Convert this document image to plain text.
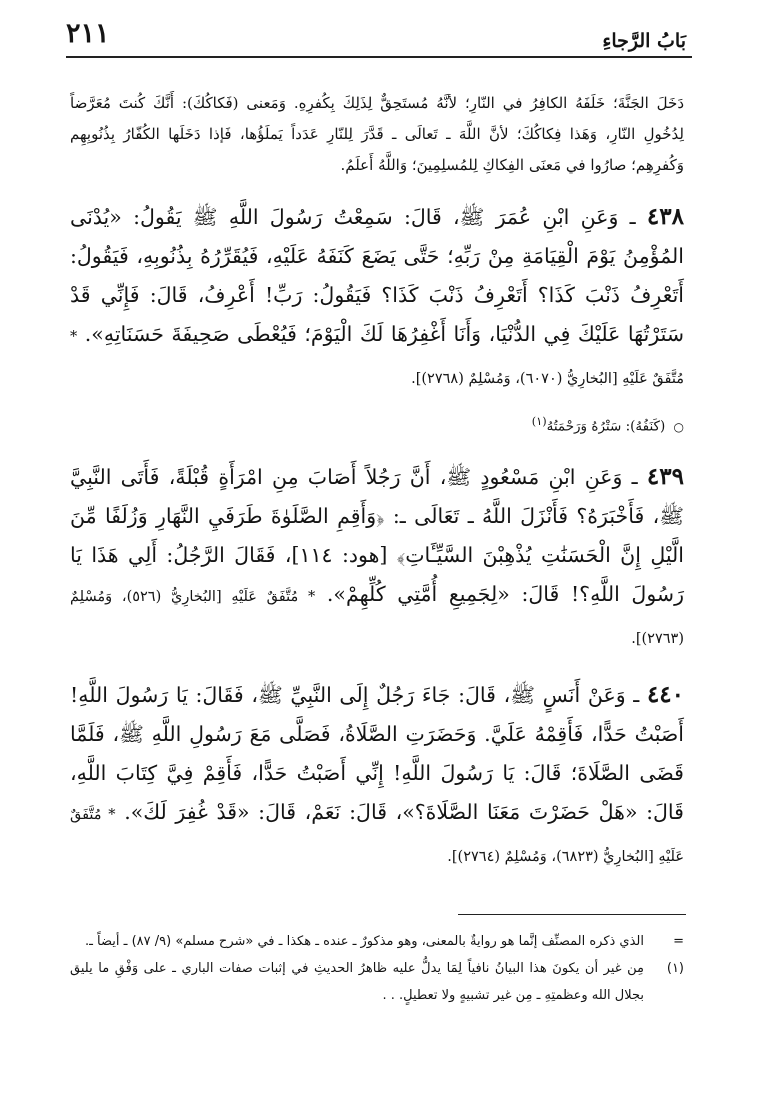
بَابُ الرَّجاءِ
٢١١

دَخَلَ الجَنَّةَ؛ خَلَفَهُ الكافِرُ في النّارِ؛ لأنَّهُ مُستَحِقٌّ لِذَلِكَ بِكُفرِهِ. وَمَعنى (فَكاكُكَ): أَنَّكَ كُنتَ مُعَرَّضاً لِدُخُولِ النّارِ، وَهَذا فِكاكُكَ؛ لأنَّ اللَّهَ ـ تَعالَى ـ قَدَّرَ لِلنّارِ عَدَداً يَملَؤُها، فَإذا دَخَلَها الكُفّارُ بِذُنُوبِهِم وَكُفرِهِم؛ صارُوا في مَعنَى الفِكاكِ لِلمُسلِمِينَ؛ وَاللَّهُ أَعلَمُ.

٤٣٨ ـ وَعَنِ ابْنِ عُمَرَ ﷺ، قَالَ: سَمِعْتُ رَسُولَ اللَّهِ ﷺ يَقُولُ: «يُدْنَى المُؤْمِنُ يَوْمَ الْقِيَامَةِ مِنْ رَبِّهِ؛ حَتَّى يَضَعَ كَنَفَهُ عَلَيْهِ، فَيُقَرِّرُهُ بِذُنُوبِهِ، فَيَقُولُ: أَتَعْرِفُ ذَنْبَ كَذَا؟ أَتَعْرِفُ ذَنْبَ كَذَا؟ فَيَقُولُ: رَبِّ! أَعْرِفُ، قَالَ: فَإِنِّي قَدْ سَتَرْتُهَا عَلَيْكَ فِي الدُّنْيَا، وَأَنَا أَغْفِرُهَا لَكَ الْيَوْمَ؛ فَيُعْطَى صَحِيفَةَ حَسَنَاتِهِ». * مُتَّفَقٌ عَلَيْهِ [البُخارِيُّ (٦٠٧٠)، وَمُسْلِمٌ (٢٧٦٨)].

○ (كَنَفُهُ): سَتْرُهُ وَرَحْمَتُهُ$^{(١)}$

٤٣٩ ـ وَعَنِ ابْنِ مَسْعُودٍ ﷺ، أَنَّ رَجُلاً أَصَابَ مِنِ امْرَأَةٍ قُبْلَةً، فَأَتَى النَّبِيَّ ﷺ، فَأَخْبَرَهُ؟ فَأَنْزَلَ اللَّهُ ـ تَعَالَى ـ: ﴿وَأَقِمِ الصَّلَوٰةَ طَرَفَيِ النَّهَارِ وَزُلَفًا مِّنَ الَّيْلِ إِنَّ الْحَسَنَٰتِ يُذْهِبْنَ السَّيِّـَٔاتِ﴾ [هود: ١١٤]، فَقَالَ الرَّجُلُ: أَلِي هَذَا يَا رَسُولَ اللَّهِ؟! قَالَ: «لِجَمِيعِ أُمَّتِي كُلِّهِمْ». * مُتَّفَقٌ عَلَيْهِ [البُخارِيُّ (٥٢٦)، وَمُسْلِمٌ (٢٧٦٣)].

٤٤٠ ـ وَعَنْ أَنَسٍ ﷺ، قَالَ: جَاءَ رَجُلٌ إِلَى النَّبِيِّ ﷺ، فَقَالَ: يَا رَسُولَ اللَّهِ! أَصَبْتُ حَدًّا، فَأَقِمْهُ عَلَيَّ. وَحَضَرَتِ الصَّلَاةُ، فَصَلَّى مَعَ رَسُولِ اللَّهِ ﷺ، فَلَمَّا قَضَى الصَّلَاةَ؛ قَالَ: يَا رَسُولَ اللَّهِ! إِنِّي أَصَبْتُ حَدًّا، فَأَقِمْ فِيَّ كِتَابَ اللَّهِ، قَالَ: «هَلْ حَضَرْتَ مَعَنَا الصَّلَاةَ؟»، قَالَ: نَعَمْ، قَالَ: «قَدْ غُفِرَ لَكَ». * مُتَّفَقٌ عَلَيْهِ [البُخارِيُّ (٦٨٢٣)، وَمُسْلِمٌ (٢٧٦٤)].

=
الذي ذكره المصنِّف إنَّما هو روايةٌ بالمعنى، وهو مذكورٌ ـ عنده ـ هكذا ـ في «شرح مسلم» (٩/ ٨٧) ـ أيضاً ـ.
(١)
مِن غير أن يكونَ هذا البيانُ نافياً لِمَا يدلُّ عليه ظاهرُ الحديثِ في إثبات صفات الباري ـ على وَفْقِ ما يليق بجلال الله وعظمتِهِ ـ مِن غير تشبيهٍ ولا تعطيلٍ. . .
